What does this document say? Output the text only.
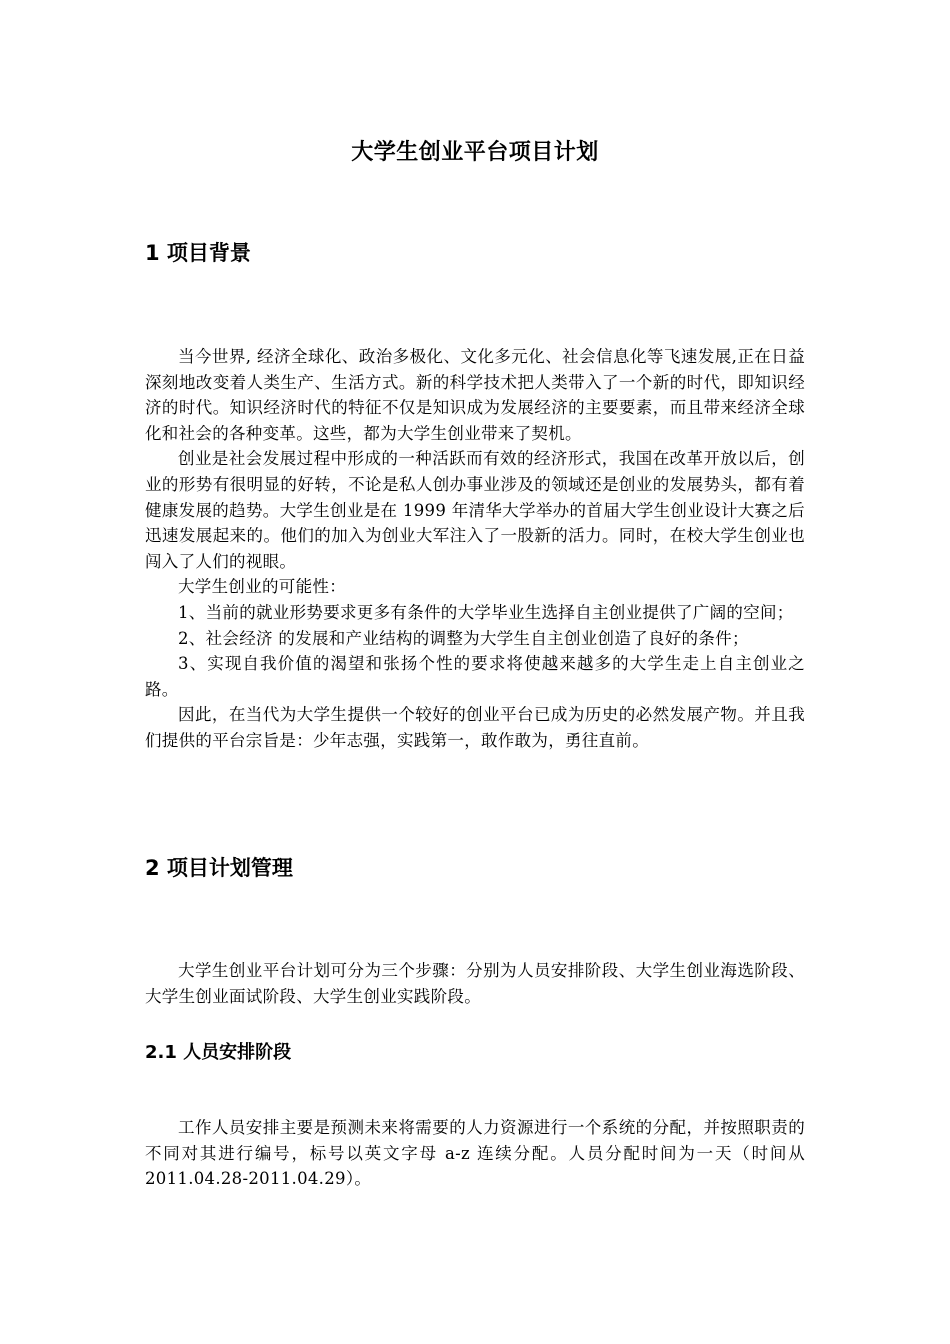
大学生创业平台项目计划
1 项目背景

当今世界, 经济全球化、政治多极化、文化多元化、社会信息化等飞速发展,正在日益深刻地改变着人类生产、生活方式。新的科学技术把人类带入了一个新的时代，即知识经济的时代。知识经济时代的特征不仅是知识成为发展经济的主要要素，而且带来经济全球化和社会的各种变革。这些，都为大学生创业带来了契机。

创业是社会发展过程中形成的一种活跃而有效的经济形式，我国在改革开放以后，创业的形势有很明显的好转，不论是私人创办事业涉及的领域还是创业的发展势头，都有着健康发展的趋势。大学生创业是在 1999 年清华大学举办的首届大学生创业设计大赛之后迅速发展起来的。他们的加入为创业大军注入了一股新的活力。同时，在校大学生创业也闯入了人们的视眼。

大学生创业的可能性：

1、当前的就业形势要求更多有条件的大学毕业生选择自主创业提供了广阔的空间；

2、社会经济 的发展和产业结构的调整为大学生自主创业创造了良好的条件；

3、实现自我价值的渴望和张扬个性的要求将使越来越多的大学生走上自主创业之路。

因此，在当代为大学生提供一个较好的创业平台已成为历史的必然发展产物。并且我们提供的平台宗旨是：少年志强，实践第一，敢作敢为，勇往直前。

2 项目计划管理

大学生创业平台计划可分为三个步骤：分别为人员安排阶段、大学生创业海选阶段、大学生创业面试阶段、大学生创业实践阶段。

2.1 人员安排阶段

工作人员安排主要是预测未来将需要的人力资源进行一个系统的分配，并按照职责的不同对其进行编号，标号以英文字母 a-z 连续分配。人员分配时间为一天（时间从 2011.04.28-2011.04.29）。
